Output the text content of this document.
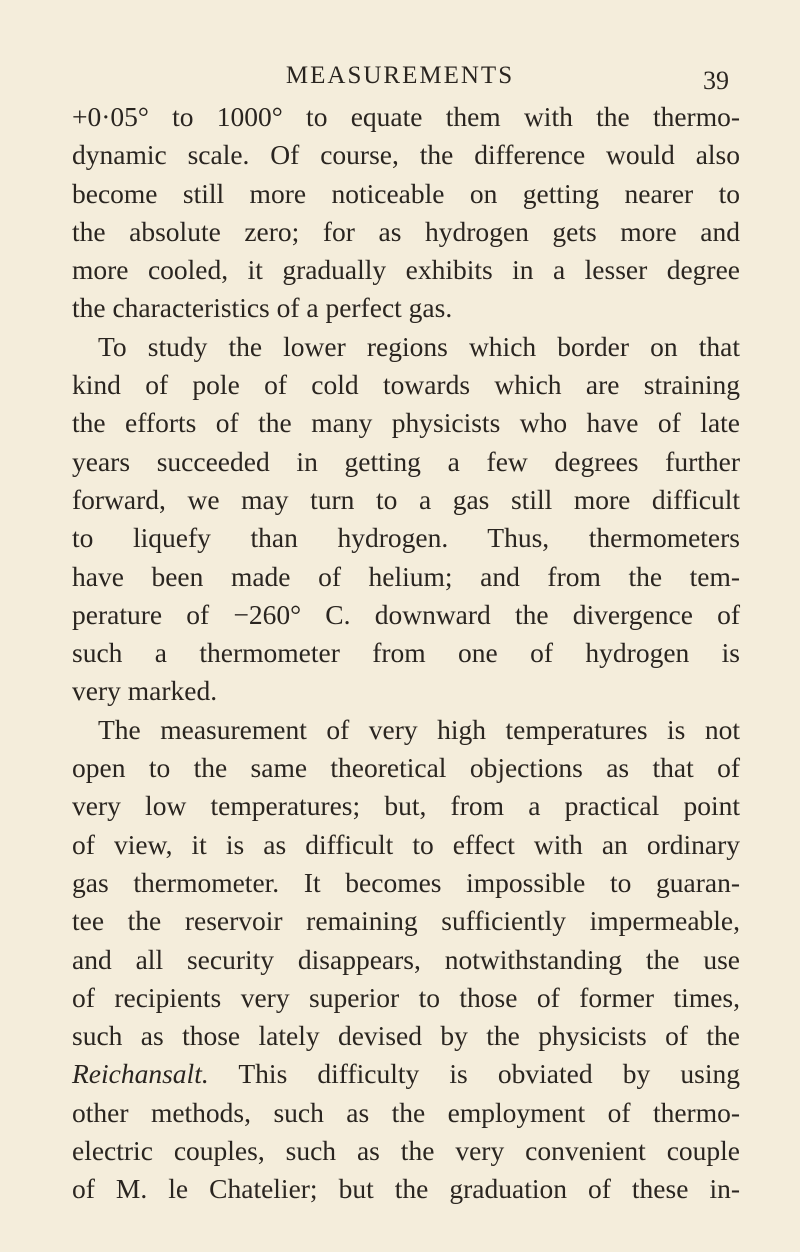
MEASUREMENTS	39
+0·05° to 1000° to equate them with the thermo-
dynamic scale. Of course, the difference would also
become still more noticeable on getting nearer to
the absolute zero; for as hydrogen gets more and
more cooled, it gradually exhibits in a lesser degree
the characteristics of a perfect gas.
To study the lower regions which border on that
kind of pole of cold towards which are straining
the efforts of the many physicists who have of late
years succeeded in getting a few degrees further
forward, we may turn to a gas still more difficult
to liquefy than hydrogen. Thus, thermometers
have been made of helium; and from the tem-
perature of −260° C. downward the divergence of
such a thermometer from one of hydrogen is
very marked.
The measurement of very high temperatures is not
open to the same theoretical objections as that of
very low temperatures; but, from a practical point
of view, it is as difficult to effect with an ordinary
gas thermometer. It becomes impossible to guaran-
tee the reservoir remaining sufficiently impermeable,
and all security disappears, notwithstanding the use
of recipients very superior to those of former times,
such as those lately devised by the physicists of the
Reichansalt. This difficulty is obviated by using
other methods, such as the employment of thermo-
electric couples, such as the very convenient couple
of M. le Chatelier; but the graduation of these in-
